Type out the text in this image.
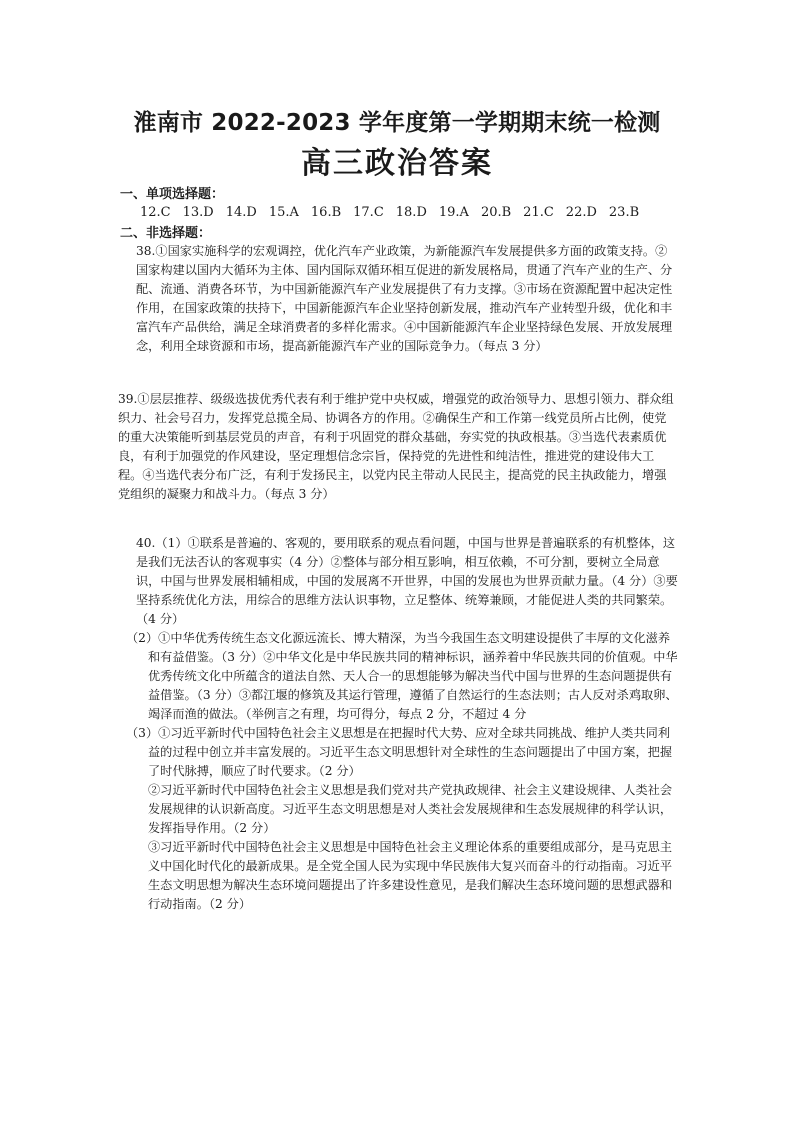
淮南市 2022-2023 学年度第一学期期末统一检测
高三政治答案
一、单项选择题：
12.C 13.D 14.D 15.A 16.B 17.C 18.D 19.A 20.B 21.C 22.D 23.B
二、非选择题：

38.①国家实施科学的宏观调控，优化汽车产业政策，为新能源汽车发展提供多方面的政策支持。②国家构建以国内大循环为主体、国内国际双循环相互促进的新发展格局，贯通了汽车产业的生产、分配、流通、消费各环节，为中国新能源汽车产业发展提供了有力支撑。③市场在资源配置中起决定性作用，在国家政策的扶持下，中国新能源汽车企业坚持创新发展，推动汽车产业转型升级，优化和丰富汽车产品供给，满足全球消费者的多样化需求。④中国新能源汽车企业坚持绿色发展、开放发展理念，利用全球资源和市场，提高新能源汽车产业的国际竞争力。（每点 3 分）

39.①层层推荐、级级选拔优秀代表有利于维护党中央权威，增强党的政治领导力、思想引领力、群众组织力、社会号召力，发挥党总揽全局、协调各方的作用。②确保生产和工作第一线党员所占比例，使党的重大决策能听到基层党员的声音，有利于巩固党的群众基础，夯实党的执政根基。③当选代表素质优良，有利于加强党的作风建设，坚定理想信念宗旨，保持党的先进性和纯洁性，推进党的建设伟大工程。④当选代表分布广泛，有利于发扬民主，以党内民主带动人民民主，提高党的民主执政能力，增强党组织的凝聚力和战斗力。（每点 3 分）

40.（1）①联系是普遍的、客观的，要用联系的观点看问题，中国与世界是普遍联系的有机整体，这是我们无法否认的客观事实（4 分）②整体与部分相互影响，相互依赖，不可分割，要树立全局意识，中国与世界发展相辅相成，中国的发展离不开世界，中国的发展也为世界贡献力量。（4 分）③要坚持系统优化方法，用综合的思维方法认识事物，立足整体、统筹兼顾，才能促进人类的共同繁荣。（4 分）

（2）①中华优秀传统生态文化源远流长、博大精深，为当今我国生态文明建设提供了丰厚的文化滋养和有益借鉴。（3 分）②中华文化是中华民族共同的精神标识，涵养着中华民族共同的价值观。中华优秀传统文化中所蕴含的道法自然、天人合一的思想能够为解决当代中国与世界的生态问题提供有益借鉴。（3 分）③都江堰的修筑及其运行管理，遵循了自然运行的生态法则；古人反对杀鸡取卵、竭泽而渔的做法。（举例言之有理，均可得分，每点 2 分，不超过 4 分

（3）①习近平新时代中国特色社会主义思想是在把握时代大势、应对全球共同挑战、维护人类共同利益的过程中创立并丰富发展的。习近平生态文明思想针对全球性的生态问题提出了中国方案，把握了时代脉搏，顺应了时代要求。（2 分）

②习近平新时代中国特色社会主义思想是我们党对共产党执政规律、社会主义建设规律、人类社会发展规律的认识新高度。习近平生态文明思想是对人类社会发展规律和生态发展规律的科学认识，发挥指导作用。（2 分）

③习近平新时代中国特色社会主义思想是中国特色社会主义理论体系的重要组成部分，是马克思主义中国化时代化的最新成果。是全党全国人民为实现中华民族伟大复兴而奋斗的行动指南。习近平生态文明思想为解决生态环境问题提出了许多建设性意见，是我们解决生态环境问题的思想武器和行动指南。（2 分）
